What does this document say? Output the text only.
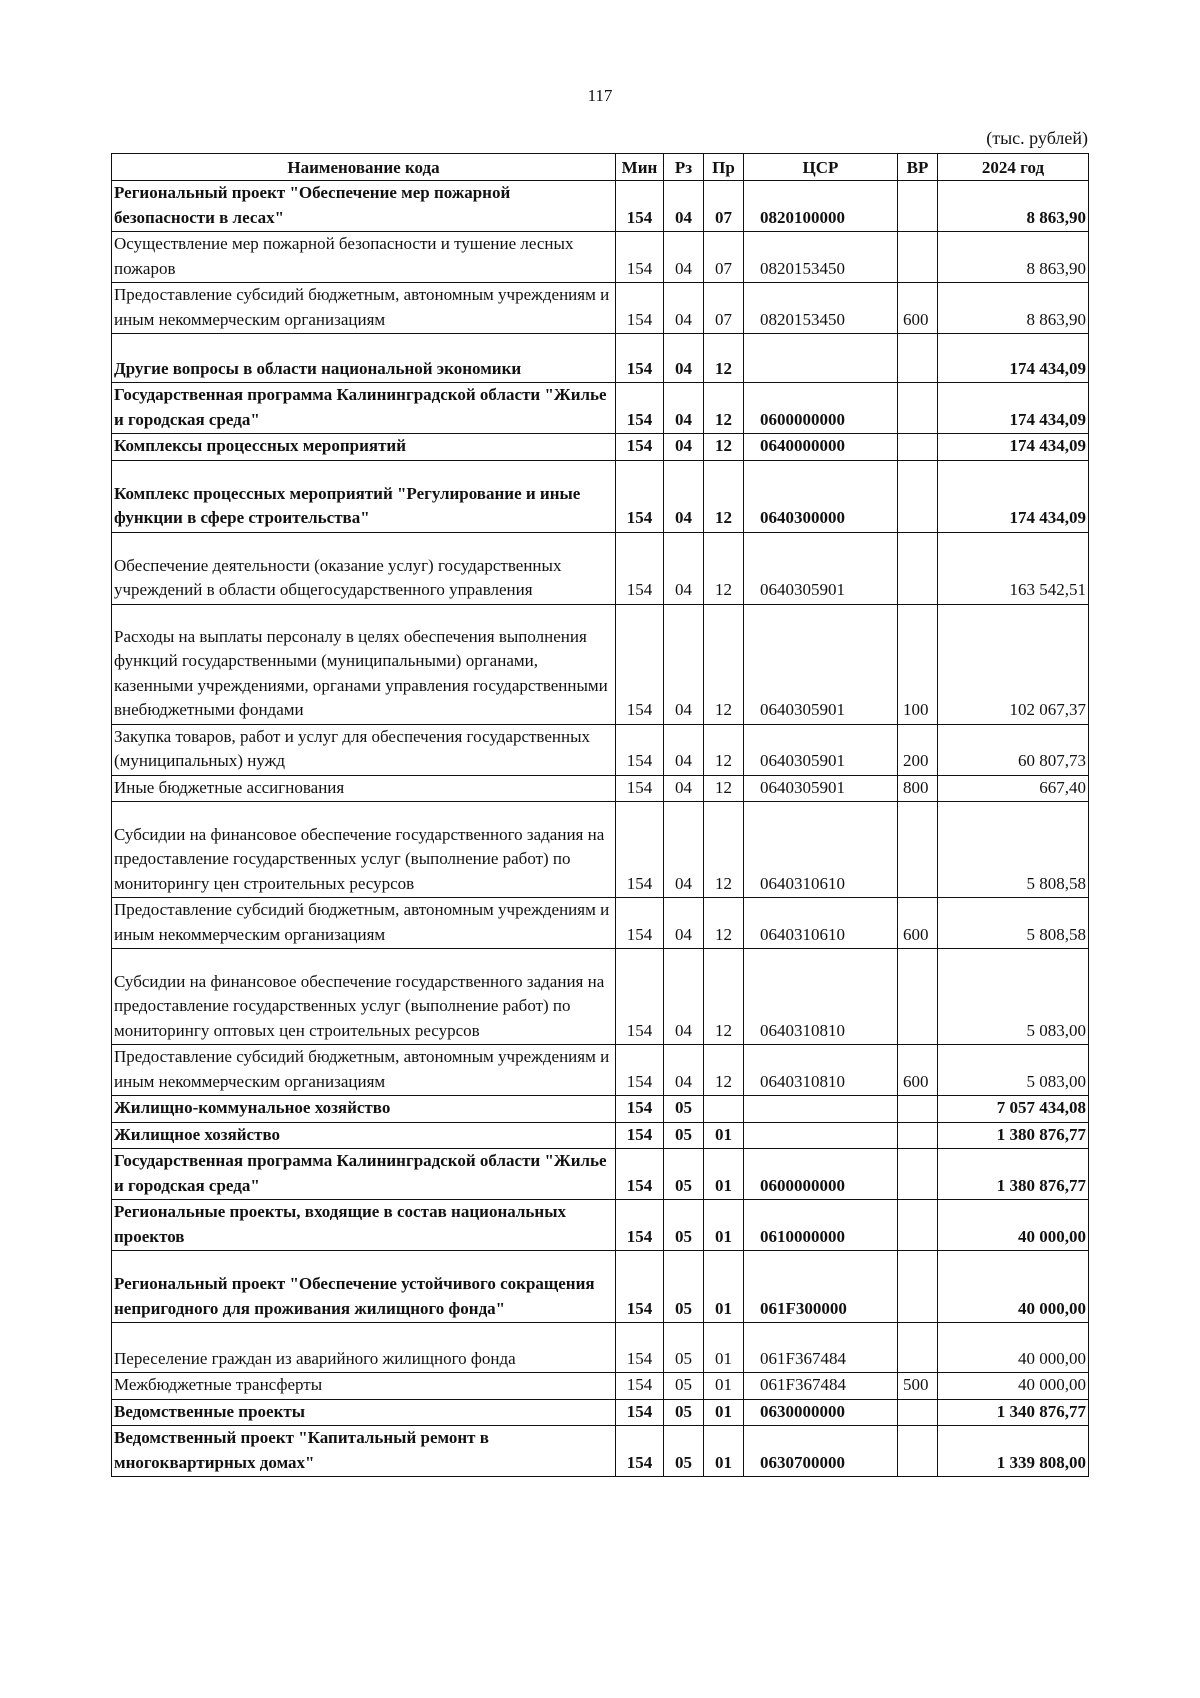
117
(тыс. рублей)
Наименование кода	Мин	Рз	Пр	ЦСР	ВР	2024 год
Региональный проект "Обеспечение мер пожарной безопасности в лесах"	154	04	07	0820100000		8 863,90
Осуществление мер пожарной безопасности и тушение лесных пожаров	154	04	07	0820153450		8 863,90
Предоставление субсидий бюджетным, автономным учреждениям и иным некоммерческим организациям	154	04	07	0820153450	600	8 863,90
Другие вопросы в области национальной экономики	154	04	12			174 434,09
Государственная программа Калининградской области "Жилье и городская среда"	154	04	12	0600000000		174 434,09
Комплексы процессных мероприятий	154	04	12	0640000000		174 434,09
Комплекс процессных мероприятий "Регулирование и иные функции в сфере строительства"	154	04	12	0640300000		174 434,09
Обеспечение деятельности (оказание услуг) государственных учреждений в области общегосударственного управления	154	04	12	0640305901		163 542,51
Расходы на выплаты персоналу в целях обеспечения выполнения функций государственными (муниципальными) органами, казенными учреждениями, органами управления государственными внебюджетными фондами	154	04	12	0640305901	100	102 067,37
Закупка товаров, работ и услуг для обеспечения государственных (муниципальных) нужд	154	04	12	0640305901	200	60 807,73
Иные бюджетные ассигнования	154	04	12	0640305901	800	667,40
Субсидии на финансовое обеспечение государственного задания на предоставление государственных услуг (выполнение работ) по мониторингу цен строительных ресурсов	154	04	12	0640310610		5 808,58
Предоставление субсидий бюджетным, автономным учреждениям и иным некоммерческим организациям	154	04	12	0640310610	600	5 808,58
Субсидии на финансовое обеспечение государственного задания на предоставление государственных услуг (выполнение работ) по мониторингу оптовых цен строительных ресурсов	154	04	12	0640310810		5 083,00
Предоставление субсидий бюджетным, автономным учреждениям и иным некоммерческим организациям	154	04	12	0640310810	600	5 083,00
Жилищно-коммунальное хозяйство	154	05				7 057 434,08
Жилищное хозяйство	154	05	01			1 380 876,77
Государственная программа Калининградской области "Жилье и городская среда"	154	05	01	0600000000		1 380 876,77
Региональные проекты, входящие в состав национальных проектов	154	05	01	0610000000		40 000,00
Региональный проект "Обеспечение устойчивого сокращения непригодного для проживания жилищного фонда"	154	05	01	061F300000		40 000,00
Переселение граждан из аварийного жилищного фонда	154	05	01	061F367484		40 000,00
Межбюджетные трансферты	154	05	01	061F367484	500	40 000,00
Ведомственные проекты	154	05	01	0630000000		1 340 876,77
Ведомственный проект "Капитальный ремонт в многоквартирных домах"	154	05	01	0630700000		1 339 808,00
